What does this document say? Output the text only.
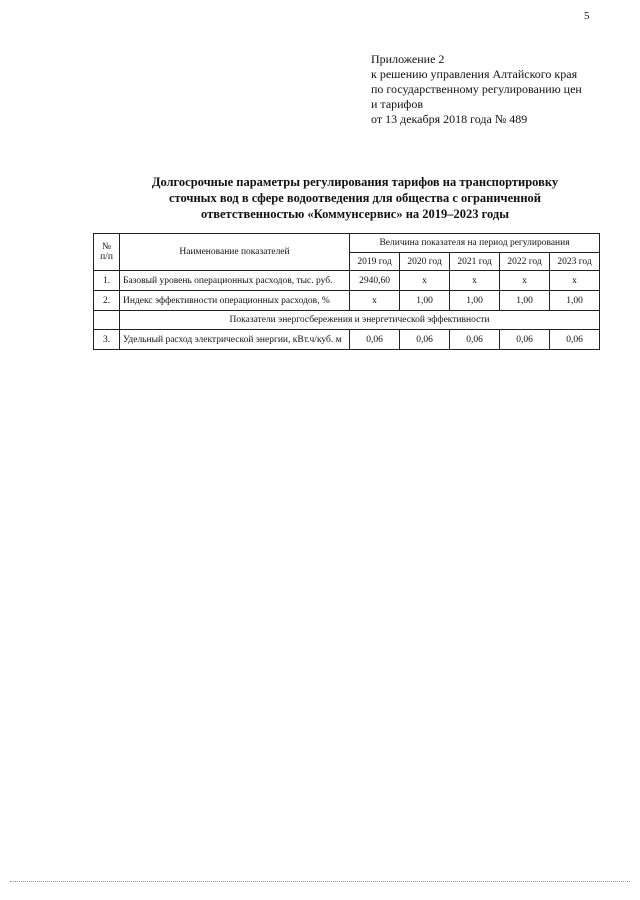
5
Приложение 2
к решению управления Алтайского края
по государственному регулированию цен
и тарифов
от 13 декабря 2018 года № 489
Долгосрочные параметры регулирования тарифов на транспортировку
сточных вод в сфере водоотведения для общества с ограниченной
ответственностью «Коммунсервис» на 2019–2023 годы
№
п/п	Наименование показателей	Величина показателя на период регулирования				
		2019 год	2020 год	2021 год	2022 год	2023 год
1.	Базовый уровень операционных расходов, тыс. руб.	2940,60	x	x	x	x
2.	Индекс эффективности операционных расходов, %	x	1,00	1,00	1,00	1,00
	Показатели энергосбережения и энергетической эффективности					
3.	Удельный расход электрической энергии, кВт.ч/куб. м	0,06	0,06	0,06	0,06	0,06
